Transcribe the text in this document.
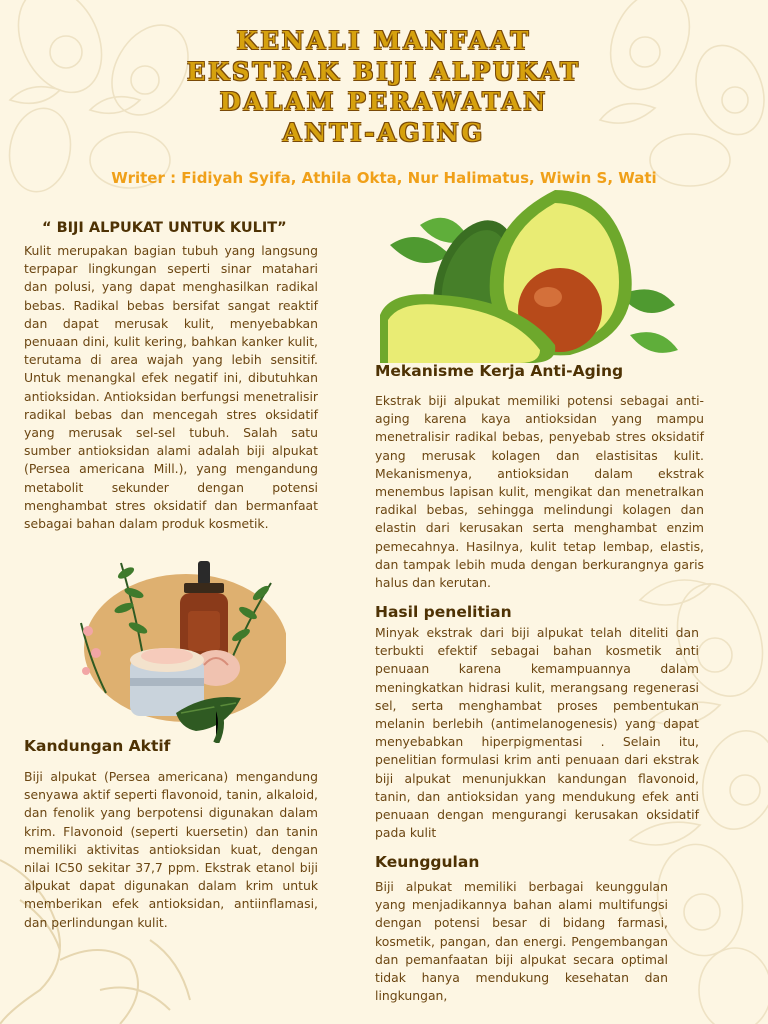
KENALI MANFAAT
EKSTRAK BIJI ALPUKAT
DALAM PERAWATAN
ANTI-AGING
Writer : Fidiyah Syifa, Athila Okta, Nur Halimatus, Wiwin S, Wati
“ BIJI ALPUKAT UNTUK KULIT”

Kulit merupakan bagian tubuh yang langsung terpapar lingkungan seperti sinar matahari dan polusi, yang dapat menghasilkan radikal bebas. Radikal bebas bersifat sangat reaktif dan dapat merusak kulit, menyebabkan penuaan dini, kulit kering, bahkan kanker kulit, terutama di area wajah yang lebih sensitif. Untuk menangkal efek negatif ini, dibutuhkan antioksidan. Antioksidan berfungsi menetralisir radikal bebas dan mencegah stres oksidatif yang merusak sel-sel tubuh. Salah satu sumber antioksidan alami adalah biji alpukat (Persea americana Mill.), yang mengandung metabolit sekunder dengan potensi menghambat stres oksidatif dan bermanfaat sebagai bahan dalam produk kosmetik.

Kandungan Aktif

Biji alpukat (Persea americana) mengandung senyawa aktif seperti flavonoid, tanin, alkaloid, dan fenolik yang berpotensi digunakan dalam krim. Flavonoid (seperti kuersetin) dan tanin memiliki aktivitas antioksidan kuat, dengan nilai IC50 sekitar 37,7 ppm. Ekstrak etanol biji alpukat dapat digunakan dalam krim untuk memberikan efek antioksidan, antiinflamasi, dan perlindungan kulit.

Mekanisme Kerja Anti-Aging

Ekstrak biji alpukat memiliki potensi sebagai anti-aging karena kaya antioksidan yang mampu menetralisir radikal bebas, penyebab stres oksidatif yang merusak kolagen dan elastisitas kulit. Mekanismenya, antioksidan dalam ekstrak menembus lapisan kulit, mengikat dan menetralkan radikal bebas, sehingga melindungi kolagen dan elastin dari kerusakan serta menghambat enzim pemecahnya. Hasilnya, kulit tetap lembap, elastis, dan tampak lebih muda dengan berkurangnya garis halus dan kerutan.

Hasil penelitian

Minyak ekstrak dari biji alpukat telah diteliti dan terbukti efektif sebagai bahan kosmetik anti penuaan karena kemampuannya dalam meningkatkan hidrasi kulit, merangsang regenerasi sel, serta menghambat proses pembentukan melanin berlebih (antimelanogenesis) yang dapat menyebabkan hiperpigmentasi . Selain itu, penelitian formulasi krim anti penuaan dari ekstrak biji alpukat menunjukkan kandungan flavonoid, tanin, dan antioksidan yang mendukung efek anti penuaan dengan mengurangi kerusakan oksidatif pada kulit

Keunggulan

Biji alpukat memiliki berbagai keunggulan yang menjadikannya bahan alami multifungsi dengan potensi besar di bidang farmasi, kosmetik, pangan, dan energi. Pengembangan dan pemanfaatan biji alpukat secara optimal tidak hanya mendukung kesehatan dan lingkungan,
